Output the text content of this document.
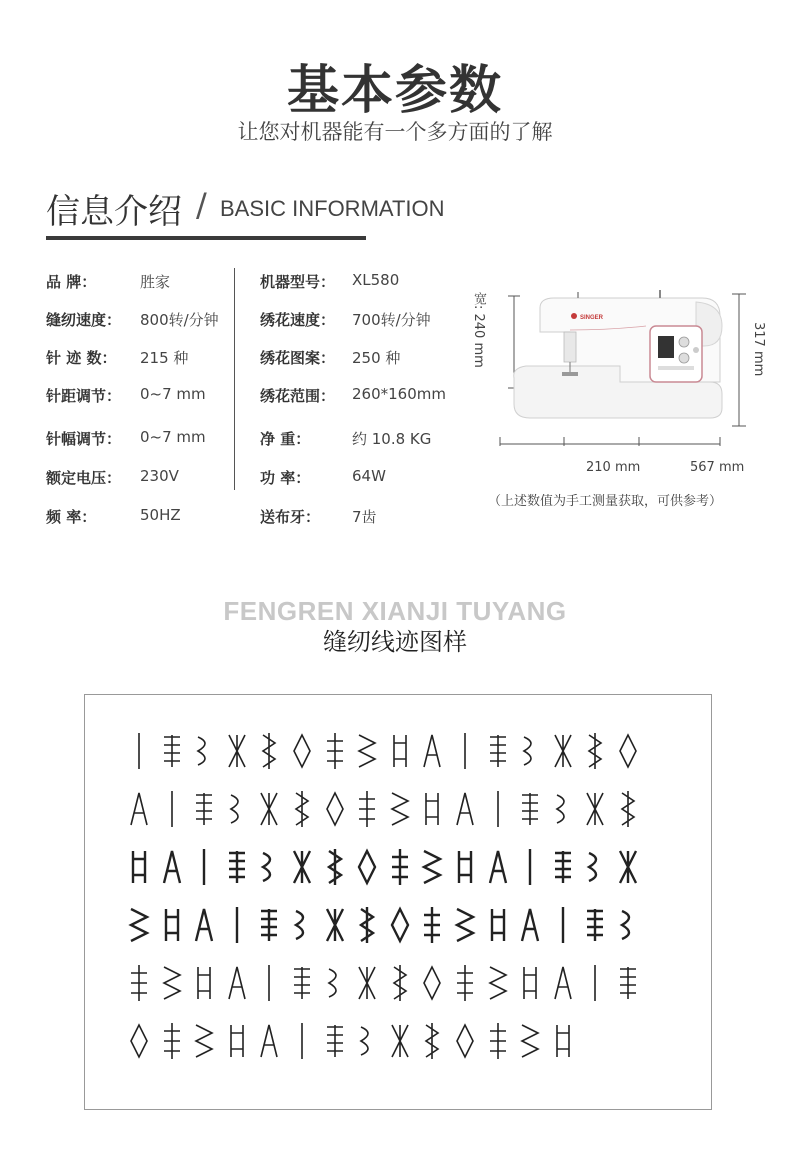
基本参数
让您对机器能有一个多方面的了解
信息介绍 / BASIC INFORMATION
品 牌：	胜家
缝纫速度： 800转/分钟
针 迹 数： 215 种
针距调节： 0~7 mm
针幅调节： 0~7 mm
额定电压： 230V
频 率：	50HZ
机器型号： XL580
绣花速度： 700转/分钟
绣花图案： 250 种
绣花范围： 260*160mm
净 重：	约 10.8 KG
功 率：	64W
送布牙： 7齿
SINGER
宽: 240 mm	317 mm
210 mm	567 mm
（上述数值为手工测量获取，可供参考）
FENGREN XIANJI TUYANG
缝纫线迹图样
